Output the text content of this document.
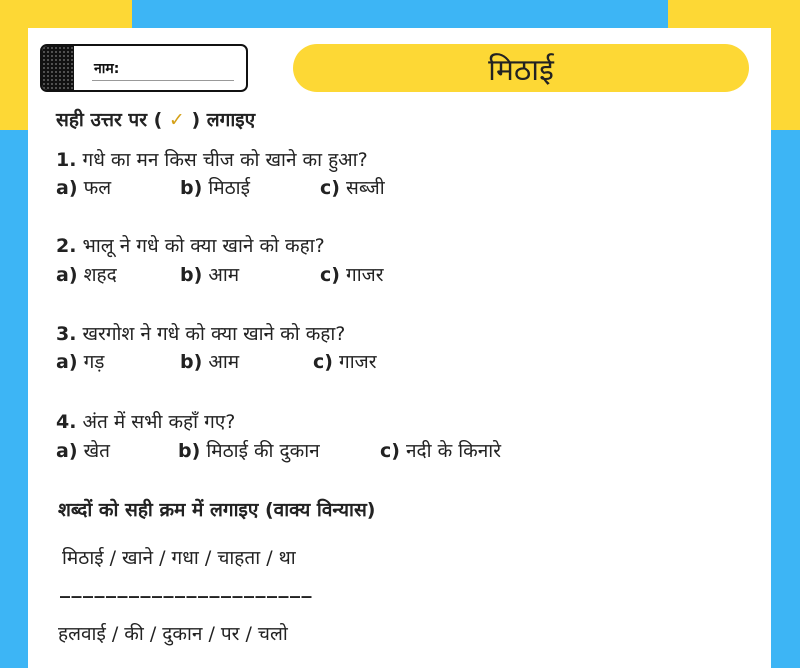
नाम:	मिठाई
सही उत्तर पर ( ✓ ) लगाइए
1. गधे का मन किस चीज को खाने का हुआ?
a) फल	b) मिठाई	c) सब्जी
2. भालू ने गधे को क्या खाने को कहा?
a) शहद	b) आम	c) गाजर
3. खरगोश ने गधे को क्या खाने को कहा?
a) गड़	b) आम	c) गाजर
4. अंत में सभी कहाँ गए?
a) खेत	b) मिठाई की दुकान	c) नदी के किनारे
शब्दों को सही क्रम में लगाइए (वाक्य विन्यास)
मिठाई / खाने / गधा / चाहता / था
______________________
हलवाई / की / दुकान / पर / चलो
